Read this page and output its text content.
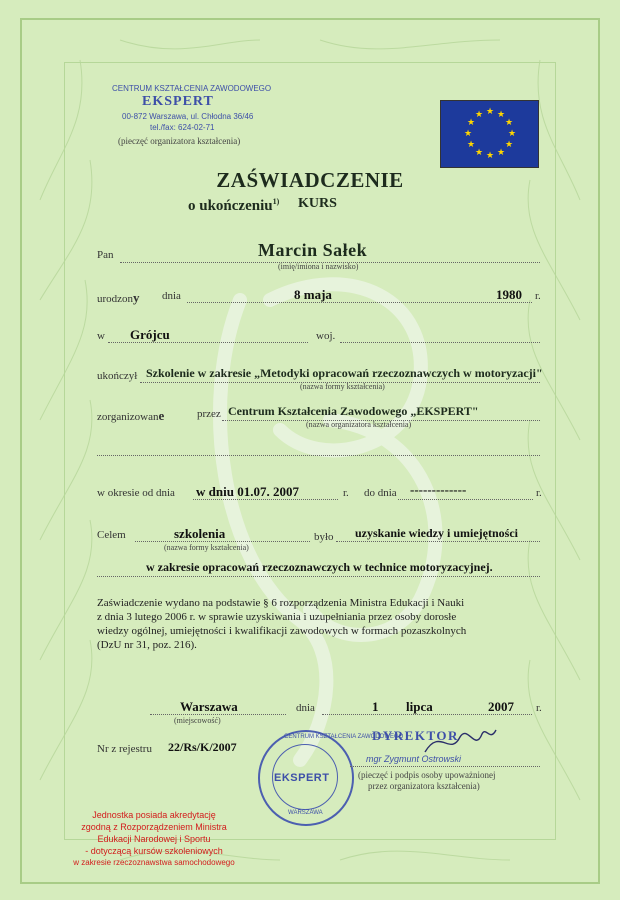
CENTRUM KSZTAŁCENIA ZAWODOWEGO
EKSPERT
00-872 Warszawa, ul. Chłodna 36/46
tel./fax: 624-02-71
(pieczęć organizatora kształcenia)
★ ★
★
★
★
★
★
★
★
★
★
★
ZAŚWIADCZENIE
o ukończeniu$^{1)}$ KURS
Pan	Marcin Sałek
(imię/imiona i nazwisko)
urodzony dnia	8 maja	1980 r.
w Grójcu	woj.
ukończył Szkolenie w zakresie „Metodyki opracowań rzeczoznawczych w motoryzacji"
(nazwa formy kształcenia)
zorganizowane	przez Centrum Kształcenia Zawodowego „EKSPERT"
(nazwa organizatora kształcenia)
w okresie od dnia w dniu 01.07. 2007	r. do dnia -------------	r.
Celem	szkolenia
(nazwa formy kształcenia)
było uzyskanie wiedzy i umiejętności
w zakresie opracowań rzeczoznawczych w technice motoryzacyjnej.
Zaświadczenie wydano na podstawie § 6 rozporządzenia Ministra Edukacji i Nauki
z dnia 3 lutego 2006 r. w sprawie uzyskiwania i uzupełniania przez osoby dorosłe
wiedzy ogólnej, umiejętności i kwalifikacji zawodowych w formach pozaszkolnych
(DzU nr 31, poz. 216).
Warszawa
(miejscowość)
dnia	1 lipca	2007 r.
Nr z rejestru 22/Rs/K/2007
EKSPERT
CENTRUM KSZTAŁCENIA ZAWODOWEGO
WARSZAWA
DYREKTOR
mgr Zygmunt Ostrowski
(pieczęć i podpis osoby upoważnionej
przez organizatora kształcenia)
Jednostka posiada akredytację
zgodną z Rozporządzeniem Ministra
Edukacji Narodowej i Sportu
- dotyczącą kursów szkoleniowych
w zakresie rzeczoznawstwa samochodowego
